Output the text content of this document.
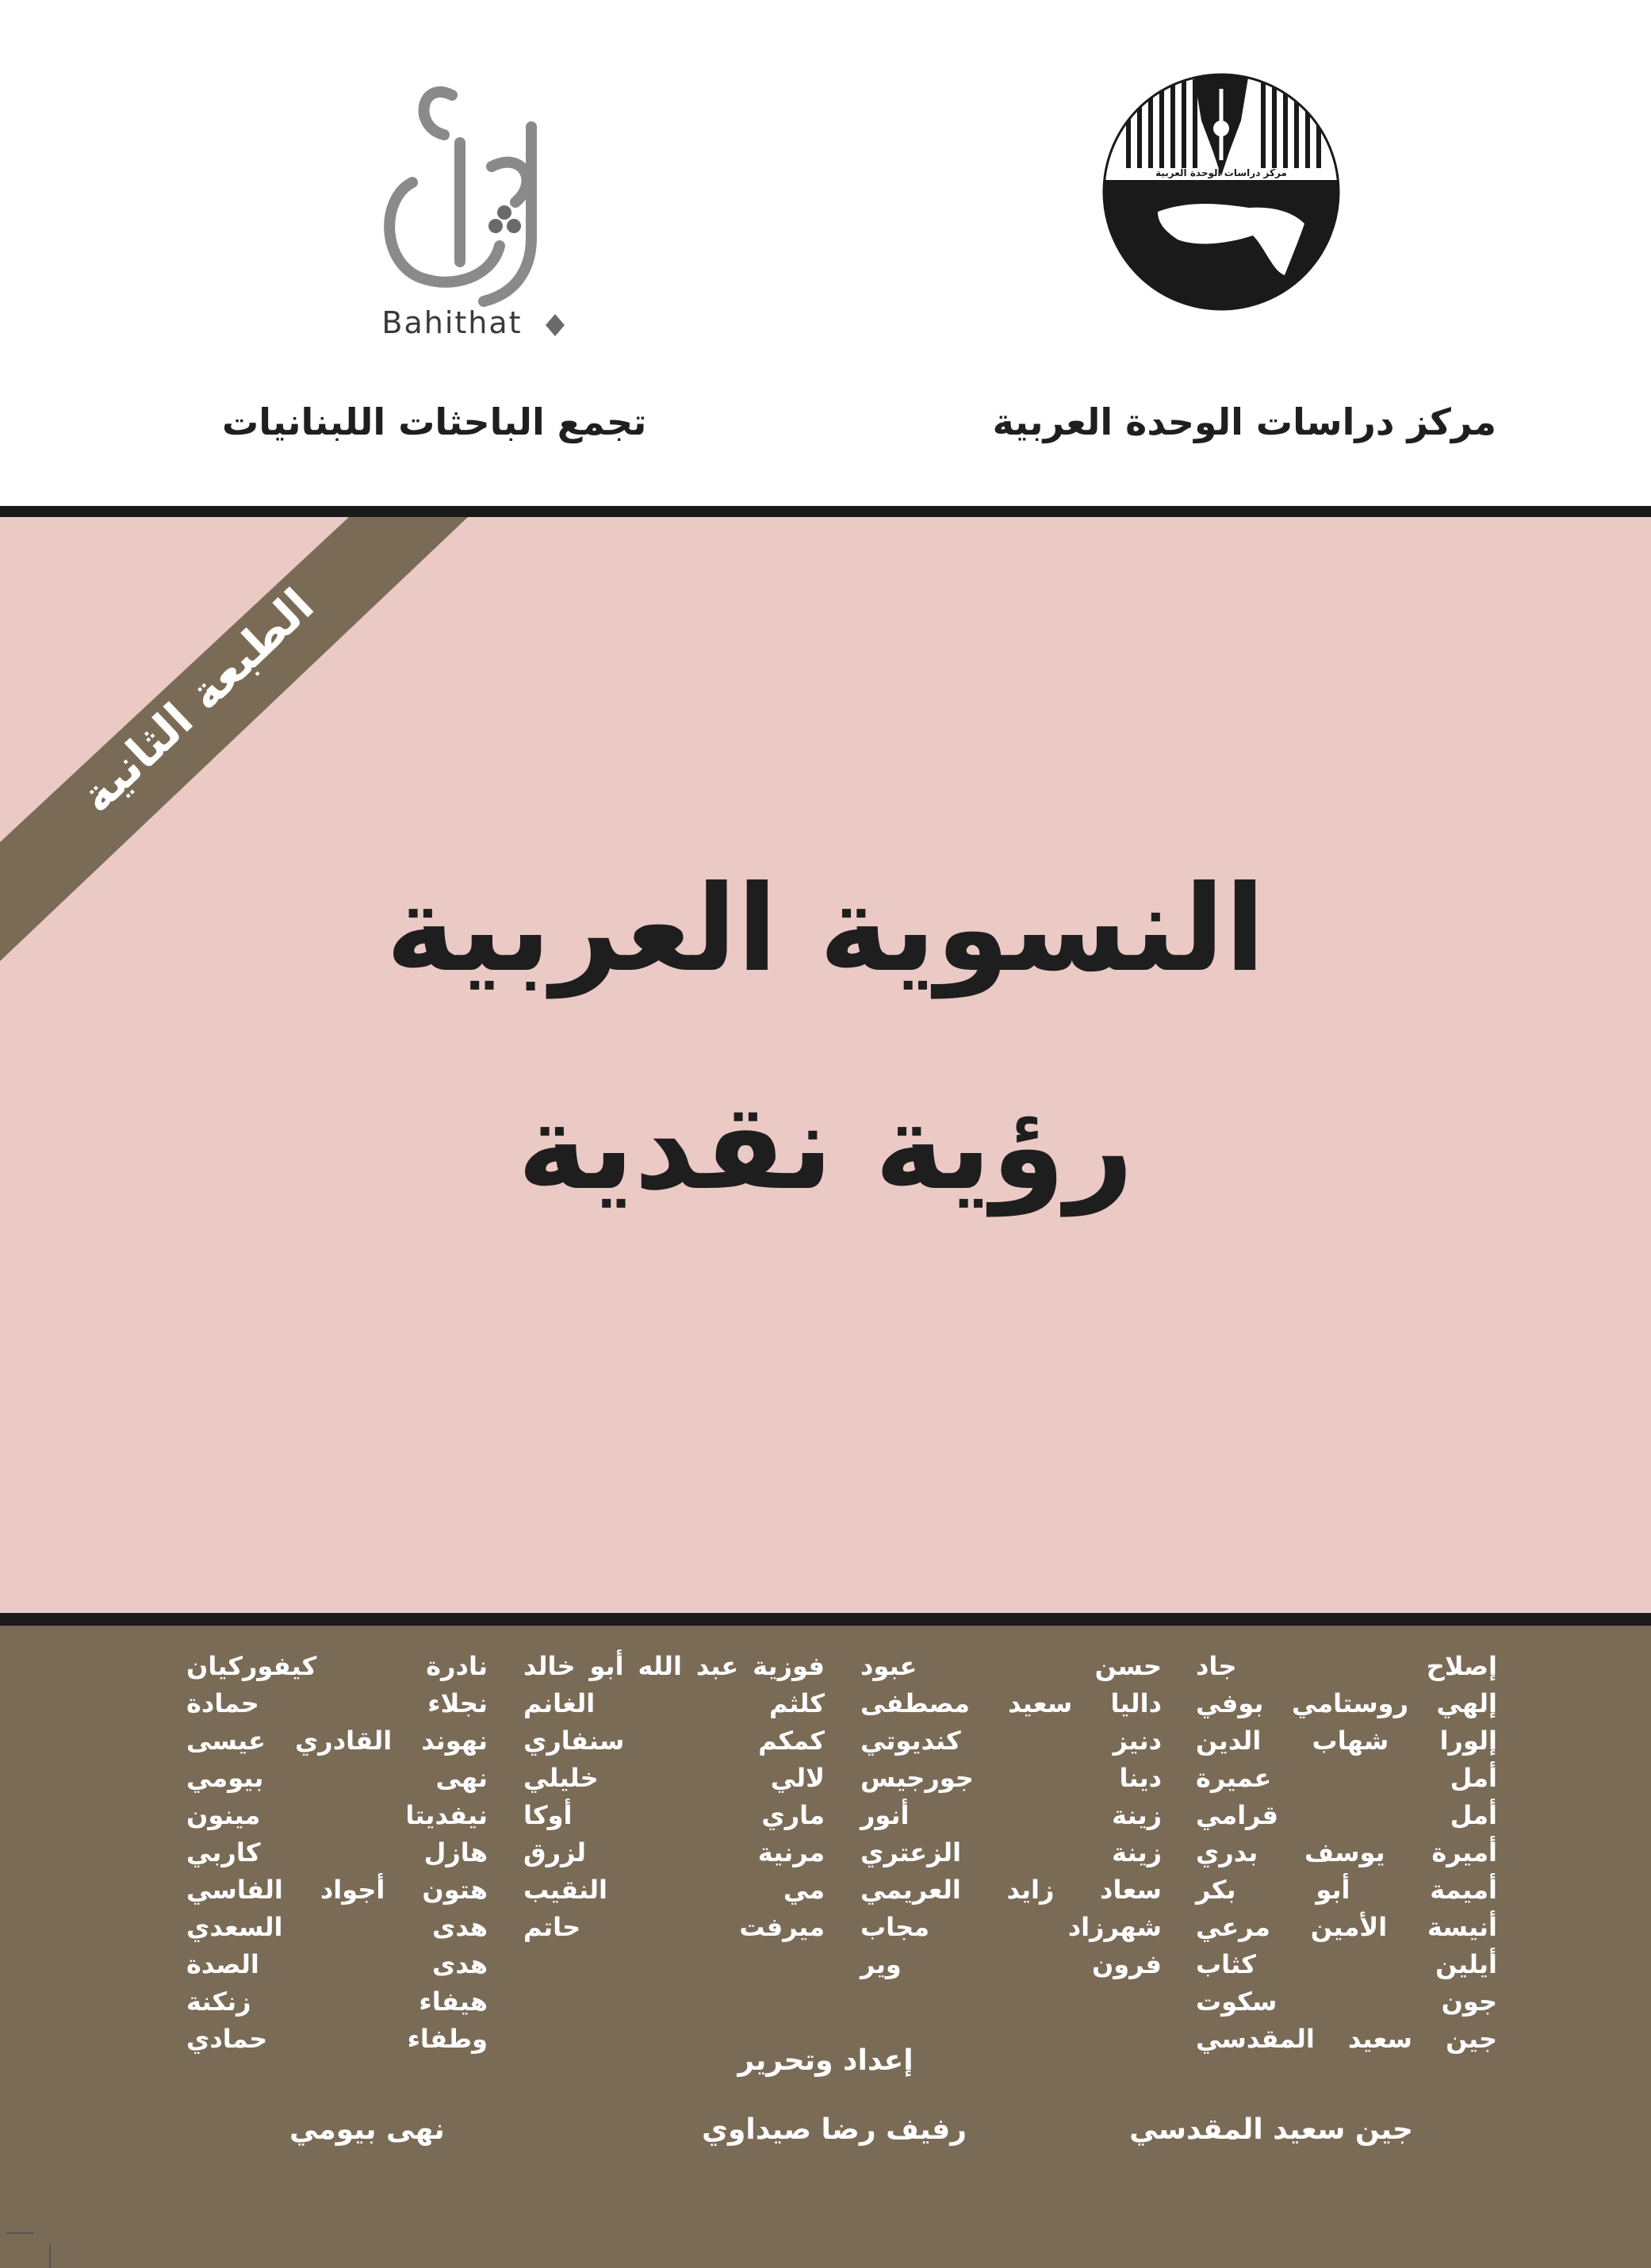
Bahithat
مركز دراسات الوحدة العربية
مركز دراسات الوحدة العربية
تجمع الباحثات اللبنانيات
الطبعة الثانية
النسوية العربية
رؤية نقدية
إصلاح جاد
إلهي روستامي بوفي
إلورا شهاب الدين
أمل عميرة
أمل قرامي
أميرة يوسف بدري
أميمة أبو بكر
أنيسة الأمين مرعي
أيلين كثاب
جون سكوت
جين سعيد المقدسي
حسن عبود
داليا سعيد مصطفى
دنيز كنديوتي
دينا جورجيس
زينة أنور
زينة الزعتري
سعاد زايد العريمي
شهرزاد مجاب
فرون وير
فوزية عبد الله أبو خالد
كلثم الغانم
كمكم سنفاري
لالي خليلي
ماري أوكا
مرنية لزرق
مي النقيب
ميرفت حاتم
نادرة كيفوركيان
نجلاء حمادة
نهوند القادري عيسى
نهى بيومي
نيفديتا مينون
هازل كاربي
هتون أجواد الفاسي
هدى السعدي
هدى الصدة
هيفاء زنكنة
وطفاء حمادي
إعداد وتحرير
جين سعيد المقدسي
رفيف رضا صيداوي
نهى بيومي
